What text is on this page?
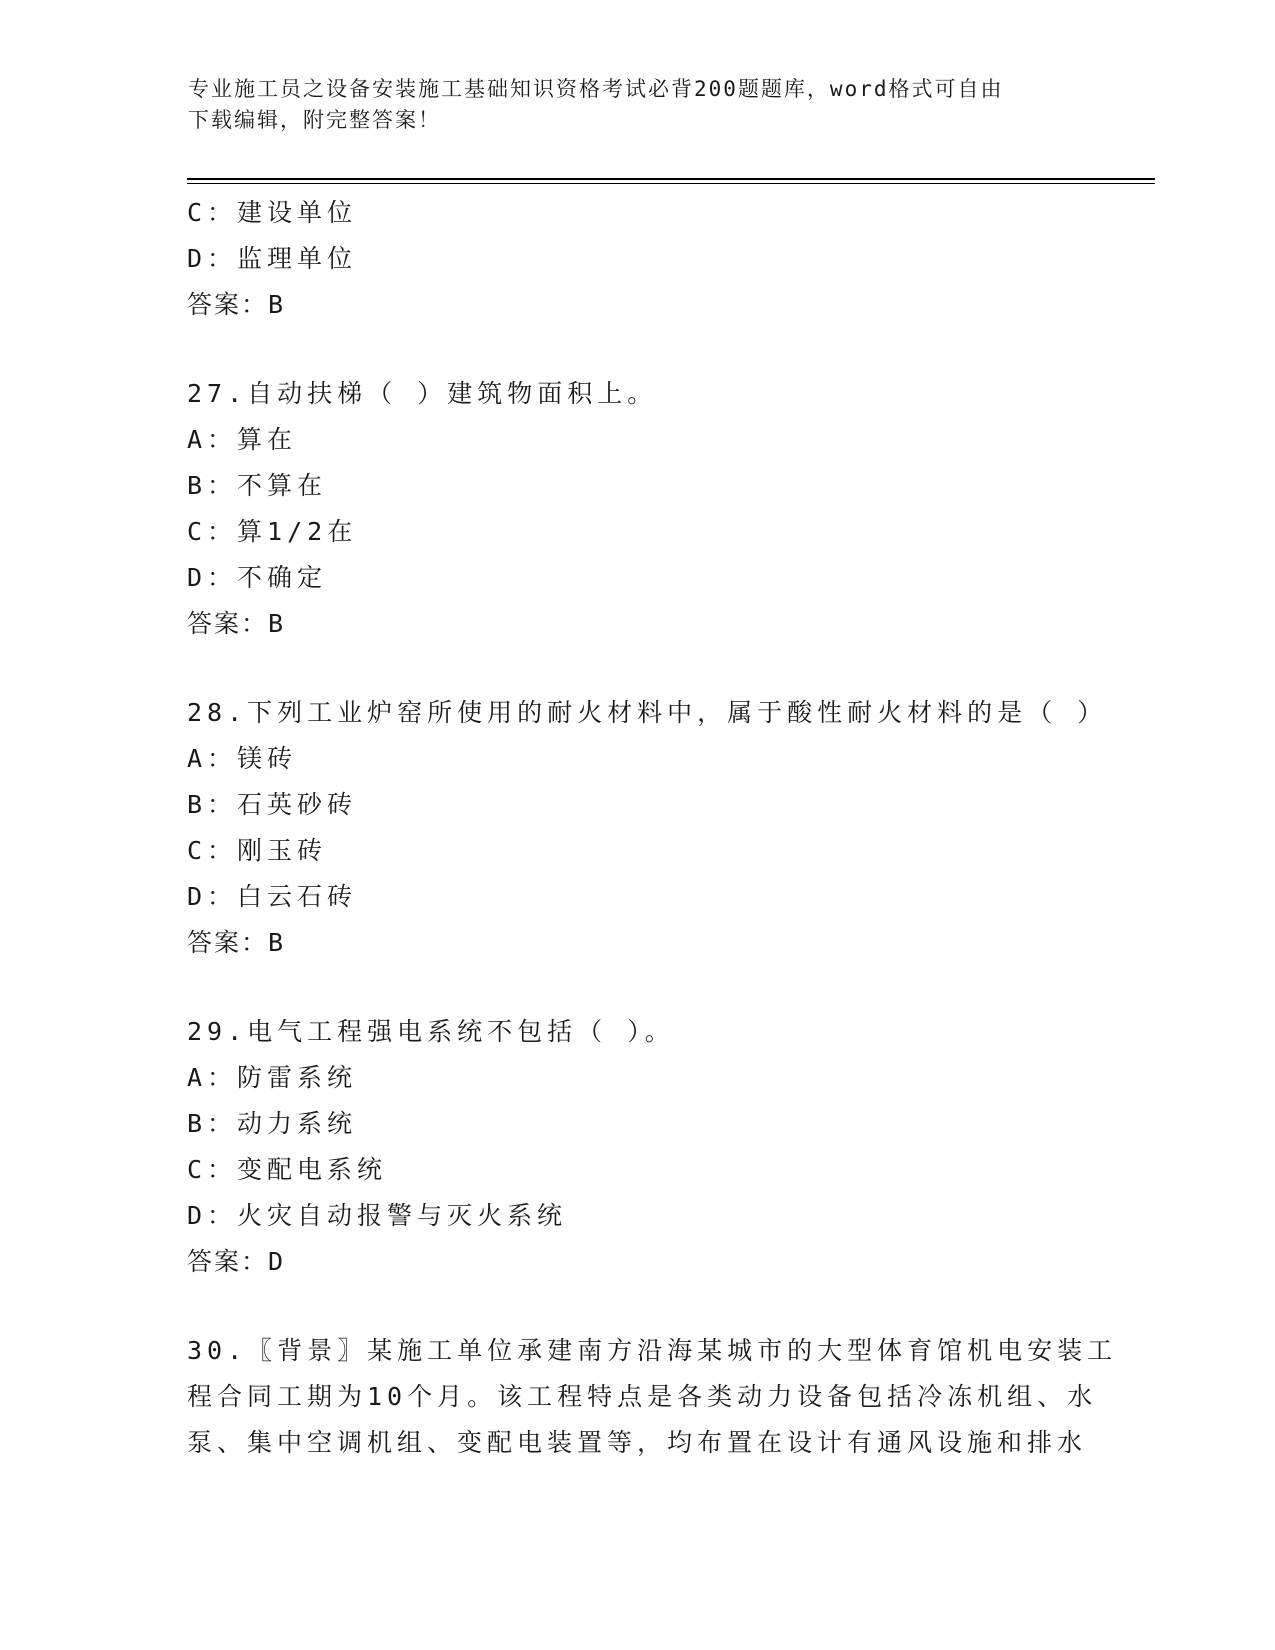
专业施工员之设备安装施工基础知识资格考试必背200题题库，word格式可自由
下载编辑，附完整答案！
C：建设单位
D：监理单位
答案：B
27.自动扶梯（ ）建筑物面积上。
A：算在
B：不算在
C：算1/2在
D：不确定
答案：B
28.下列工业炉窑所使用的耐火材料中，属于酸性耐火材料的是（ ）
A：镁砖
B：石英砂砖
C：刚玉砖
D：白云石砖
答案：B
29.电气工程强电系统不包括（ ）。
A：防雷系统
B：动力系统
C：变配电系统
D：火灾自动报警与灭火系统
答案：D
30.〖背景〗某施工单位承建南方沿海某城市的大型体育馆机电安装工
程合同工期为10个月。该工程特点是各类动力设备包括冷冻机组、水
泵、集中空调机组、变配电装置等，均布置在设计有通风设施和排水
